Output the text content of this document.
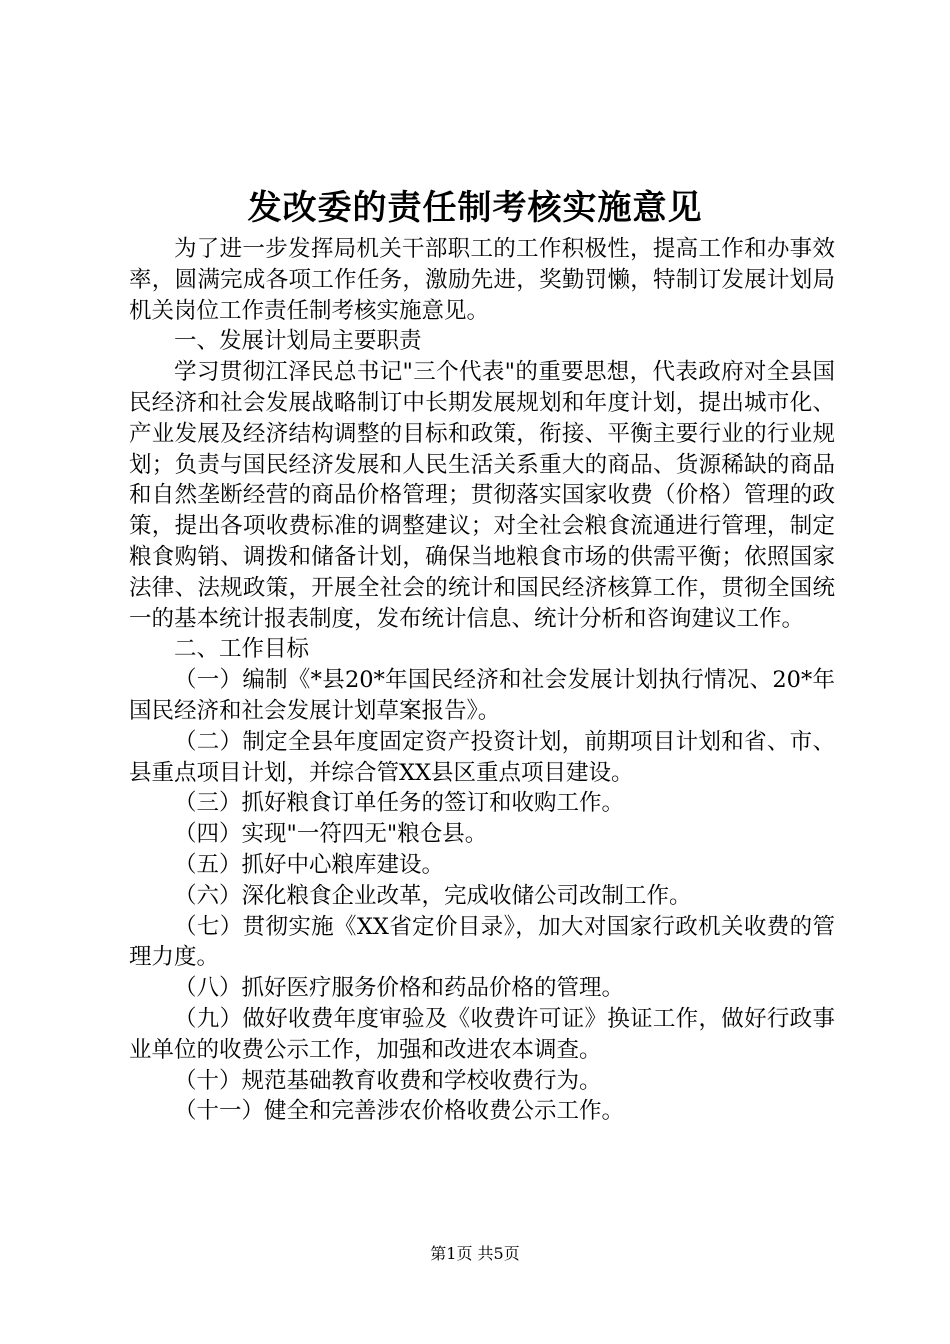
发改委的责任制考核实施意见

为了进一步发挥局机关干部职工的工作积极性，提高工作和办事效率，圆满完成各项工作任务，激励先进，奖勤罚懒，特制订发展计划局机关岗位工作责任制考核实施意见。

一、发展计划局主要职责

学习贯彻江泽民总书记"三个代表"的重要思想，代表政府对全县国民经济和社会发展战略制订中长期发展规划和年度计划，提出城市化、产业发展及经济结构调整的目标和政策，衔接、平衡主要行业的行业规划；负责与国民经济发展和人民生活关系重大的商品、货源稀缺的商品和自然垄断经营的商品价格管理；贯彻落实国家收费（价格）管理的政策，提出各项收费标准的调整建议；对全社会粮食流通进行管理，制定粮食购销、调拨和储备计划，确保当地粮食市场的供需平衡；依照国家法律、法规政策，开展全社会的统计和国民经济核算工作，贯彻全国统一的基本统计报表制度，发布统计信息、统计分析和咨询建议工作。

二、工作目标

（一）编制《*县20*年国民经济和社会发展计划执行情况、20*年国民经济和社会发展计划草案报告》。

（二）制定全县年度固定资产投资计划，前期项目计划和省、市、县重点项目计划，并综合管XX县区重点项目建设。

（三）抓好粮食订单任务的签订和收购工作。

（四）实现"一符四无"粮仓县。

（五）抓好中心粮库建设。

（六）深化粮食企业改革，完成收储公司改制工作。

（七）贯彻实施《XX省定价目录》，加大对国家行政机关收费的管理力度。

（八）抓好医疗服务价格和药品价格的管理。

（九）做好收费年度审验及《收费许可证》换证工作，做好行政事业单位的收费公示工作，加强和改进农本调查。

（十）规范基础教育收费和学校收费行为。

（十一）健全和完善涉农价格收费公示工作。

第1页 共5页
